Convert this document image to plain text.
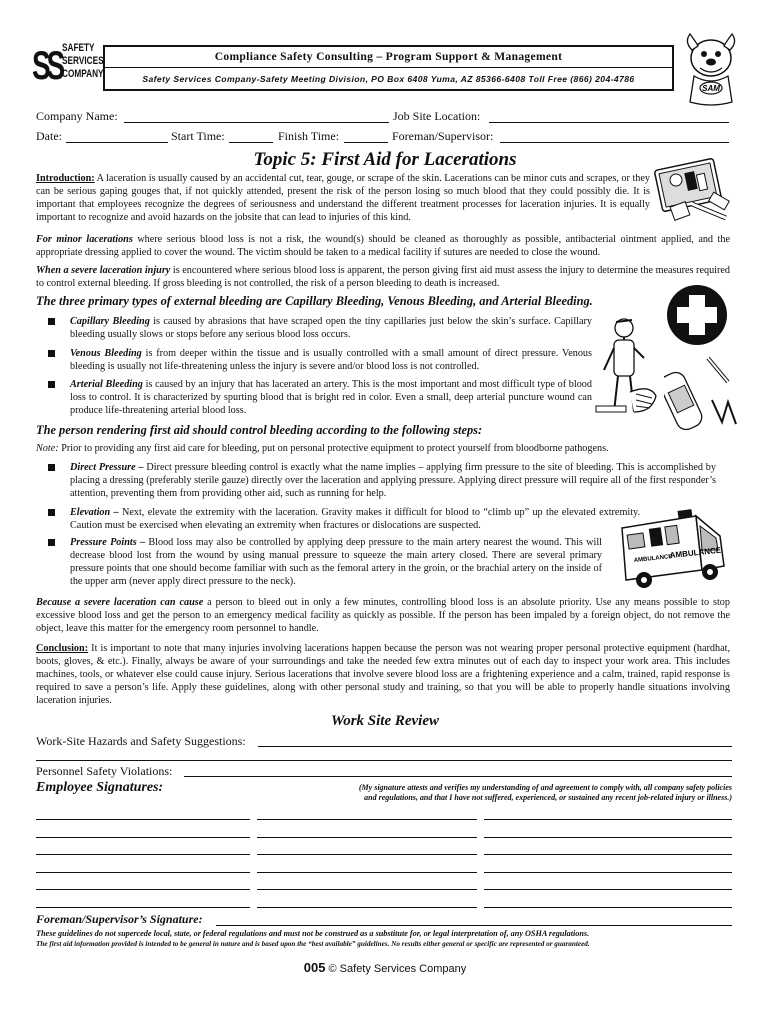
SS SAFETY
SERVICES
COMPANY
Compliance Safety Consulting – Program Support & Management
Safety Services Company-Safety Meeting Division, PO Box 6408 Yuma, AZ 85366-6408 Toll Free (866) 204-4786
SAM
Company Name:	Job Site Location:
Date:	Start Time:	Finish Time:	Foreman/Supervisor:
Topic 5: First Aid for Lacerations
Introduction: A laceration is usually caused by an accidental cut, tear, gouge, or scrape of the skin. Lacerations can be minor cuts and scrapes, or they can be serious gaping gouges that, if not quickly attended, present the risk of the person losing so much blood that they could possibly die. It is important that employees recognize the degrees of seriousness and understand the different treatment processes for laceration injuries. It is equally important to recognize and avoid hazards on the jobsite that can lead to injuries of this kind.
For minor lacerations where serious blood loss is not a risk, the wound(s) should be cleaned as thoroughly as possible, antibacterial ointment applied, and the appropriate dressing applied to cover the wound. The victim should be taken to a medical facility if sutures are needed to close the wound.
When a severe laceration injury is encountered where serious blood loss is apparent, the person giving first aid must assess the injury to determine the measures required to control external bleeding. If gross bleeding is not controlled, the risk of a person bleeding to death is increased.
The three primary types of external bleeding are Capillary Bleeding, Venous Bleeding, and Arterial Bleeding.
Capillary Bleeding is caused by abrasions that have scraped open the tiny capillaries just below the skin’s surface. Capillary bleeding usually slows or stops before any serious blood loss occurs.
Venous Bleeding is from deeper within the tissue and is usually controlled with a small amount of direct pressure. Venous bleeding is usually not life-threatening unless the injury is severe and/or blood loss is not controlled.
Arterial Bleeding is caused by an injury that has lacerated an artery. This is the most important and most difficult type of blood loss to control. It is characterized by spurting blood that is bright red in color. Even a small, deep arterial puncture wound can produce life-threatening arterial blood loss.
The person rendering first aid should control bleeding according to the following steps:
Note: Prior to providing any first aid care for bleeding, put on personal protective equipment to protect yourself from bloodborne pathogens.
Direct Pressure – Direct pressure bleeding control is exactly what the name implies – applying firm pressure to the site of bleeding. This is accomplished by placing a dressing (preferably sterile gauze) directly over the laceration and applying pressure. Applying direct pressure will require all of the first responder’s attention, preventing them from providing other aid, such as running for help.
Elevation – Next, elevate the extremity with the laceration. Gravity makes it difficult for blood to “climb up” up the elevated extremity. Caution must be exercised when elevating an extremity when fractures or dislocations are suspected.
Pressure Points – Blood loss may also be controlled by applying deep pressure to the main artery nearest the wound. This will decrease blood lost from the wound by using manual pressure to squeeze the main artery closed. There are several primary pressure points that one should become familiar with such as the femoral artery in the groin, or the brachial artery on the inside of the upper arm (never apply direct pressure to the neck).
AMBULANCE
AMBULANCE
Because a severe laceration can cause a person to bleed out in only a few minutes, controlling blood loss is an absolute priority. Use any means possible to stop excessive blood loss and get the person to an emergency medical facility as quickly as possible. If the person has been impaled by a foreign object, do not remove the object, leave this matter for the emergency room personnel to handle.
Conclusion: It is important to note that many injuries involving lacerations happen because the person was not wearing proper personal protective equipment (hardhat, boots, gloves, & etc.). Finally, always be aware of your surroundings and take the needed few extra minutes out of each day to inspect your work area. This includes machines, tools, or whatever else could cause injury. Serious lacerations that involve severe blood loss are a frightening experience and a calm, trained, rapid response is required to save a person’s life. Apply these guidelines, along with other personal study and training, so that you will be able to properly handle situations involving laceration injuries.
Work Site Review
Work-Site Hazards and Safety Suggestions:
Personnel Safety Violations:
Employee Signatures:	(My signature attests and verifies my understanding of and agreement to comply with, all company safety policies
and regulations, and that I have not suffered, experienced, or sustained any recent job-related injury or illness.)
Foreman/Supervisor’s Signature:
These guidelines do not supercede local, state, or federal regulations and must not be construed as a substitute for, or legal interpretation of, any OSHA regulations.
The first aid information provided is intended to be general in nature and is based upon the “best available” guidelines. No results either general or specific are represented or guaranteed.
005 © Safety Services Company
